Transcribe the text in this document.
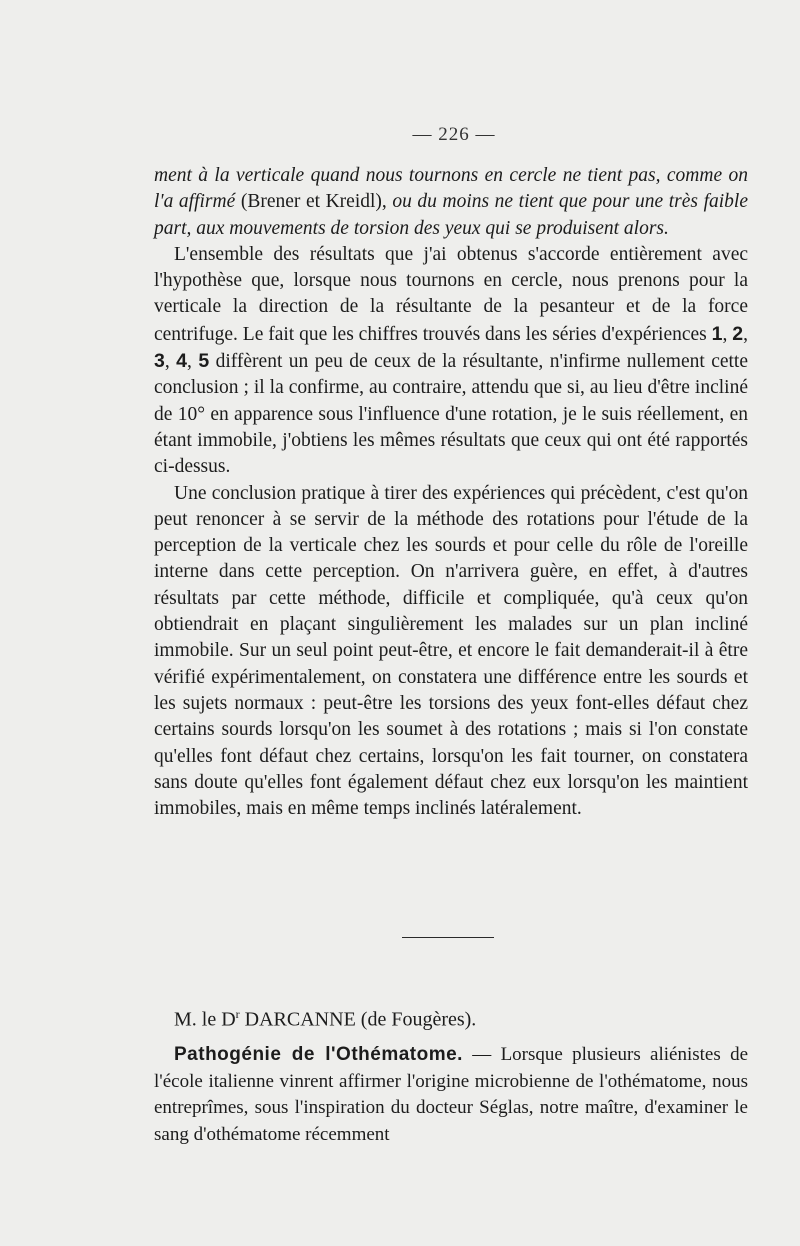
— 226 —

ment à la verticale quand nous tournons en cercle ne tient pas, comme on l'a affirmé (Brener et Kreidl), ou du moins ne tient que pour une très faible part, aux mouvements de torsion des yeux qui se produisent alors.

L'ensemble des résultats que j'ai obtenus s'accorde entièrement avec l'hypothèse que, lorsque nous tournons en cercle, nous prenons pour la verticale la direction de la résultante de la pesanteur et de la force centrifuge. Le fait que les chiffres trouvés dans les séries d'expériences 1, 2, 3, 4, 5 diffèrent un peu de ceux de la résultante, n'infirme nullement cette conclusion ; il la confirme, au contraire, attendu que si, au lieu d'être incliné de 10° en apparence sous l'influence d'une rotation, je le suis réellement, en étant immobile, j'obtiens les mêmes résultats que ceux qui ont été rapportés ci-dessus.

Une conclusion pratique à tirer des expériences qui précèdent, c'est qu'on peut renoncer à se servir de la méthode des rotations pour l'étude de la perception de la verticale chez les sourds et pour celle du rôle de l'oreille interne dans cette perception. On n'arrivera guère, en effet, à d'autres résultats par cette méthode, difficile et compliquée, qu'à ceux qu'on obtiendrait en plaçant singulièrement les malades sur un plan incliné immobile. Sur un seul point peut-être, et encore le fait demanderait-il à être vérifié expérimentalement, on constatera une différence entre les sourds et les sujets normaux : peut-être les torsions des yeux font-elles défaut chez certains sourds lorsqu'on les soumet à des rotations ; mais si l'on constate qu'elles font défaut chez certains, lorsqu'on les fait tourner, on constatera sans doute qu'elles font également défaut chez eux lorsqu'on les maintient immobiles, mais en même temps inclinés latéralement.

M. le $D^r$ DARCANNE (de Fougères).

Pathogénie de l'Othématome. — Lorsque plusieurs aliénistes de l'école italienne vinrent affirmer l'origine microbienne de l'othématome, nous entreprîmes, sous l'inspiration du docteur Séglas, notre maître, d'examiner le sang d'othématome récemment
